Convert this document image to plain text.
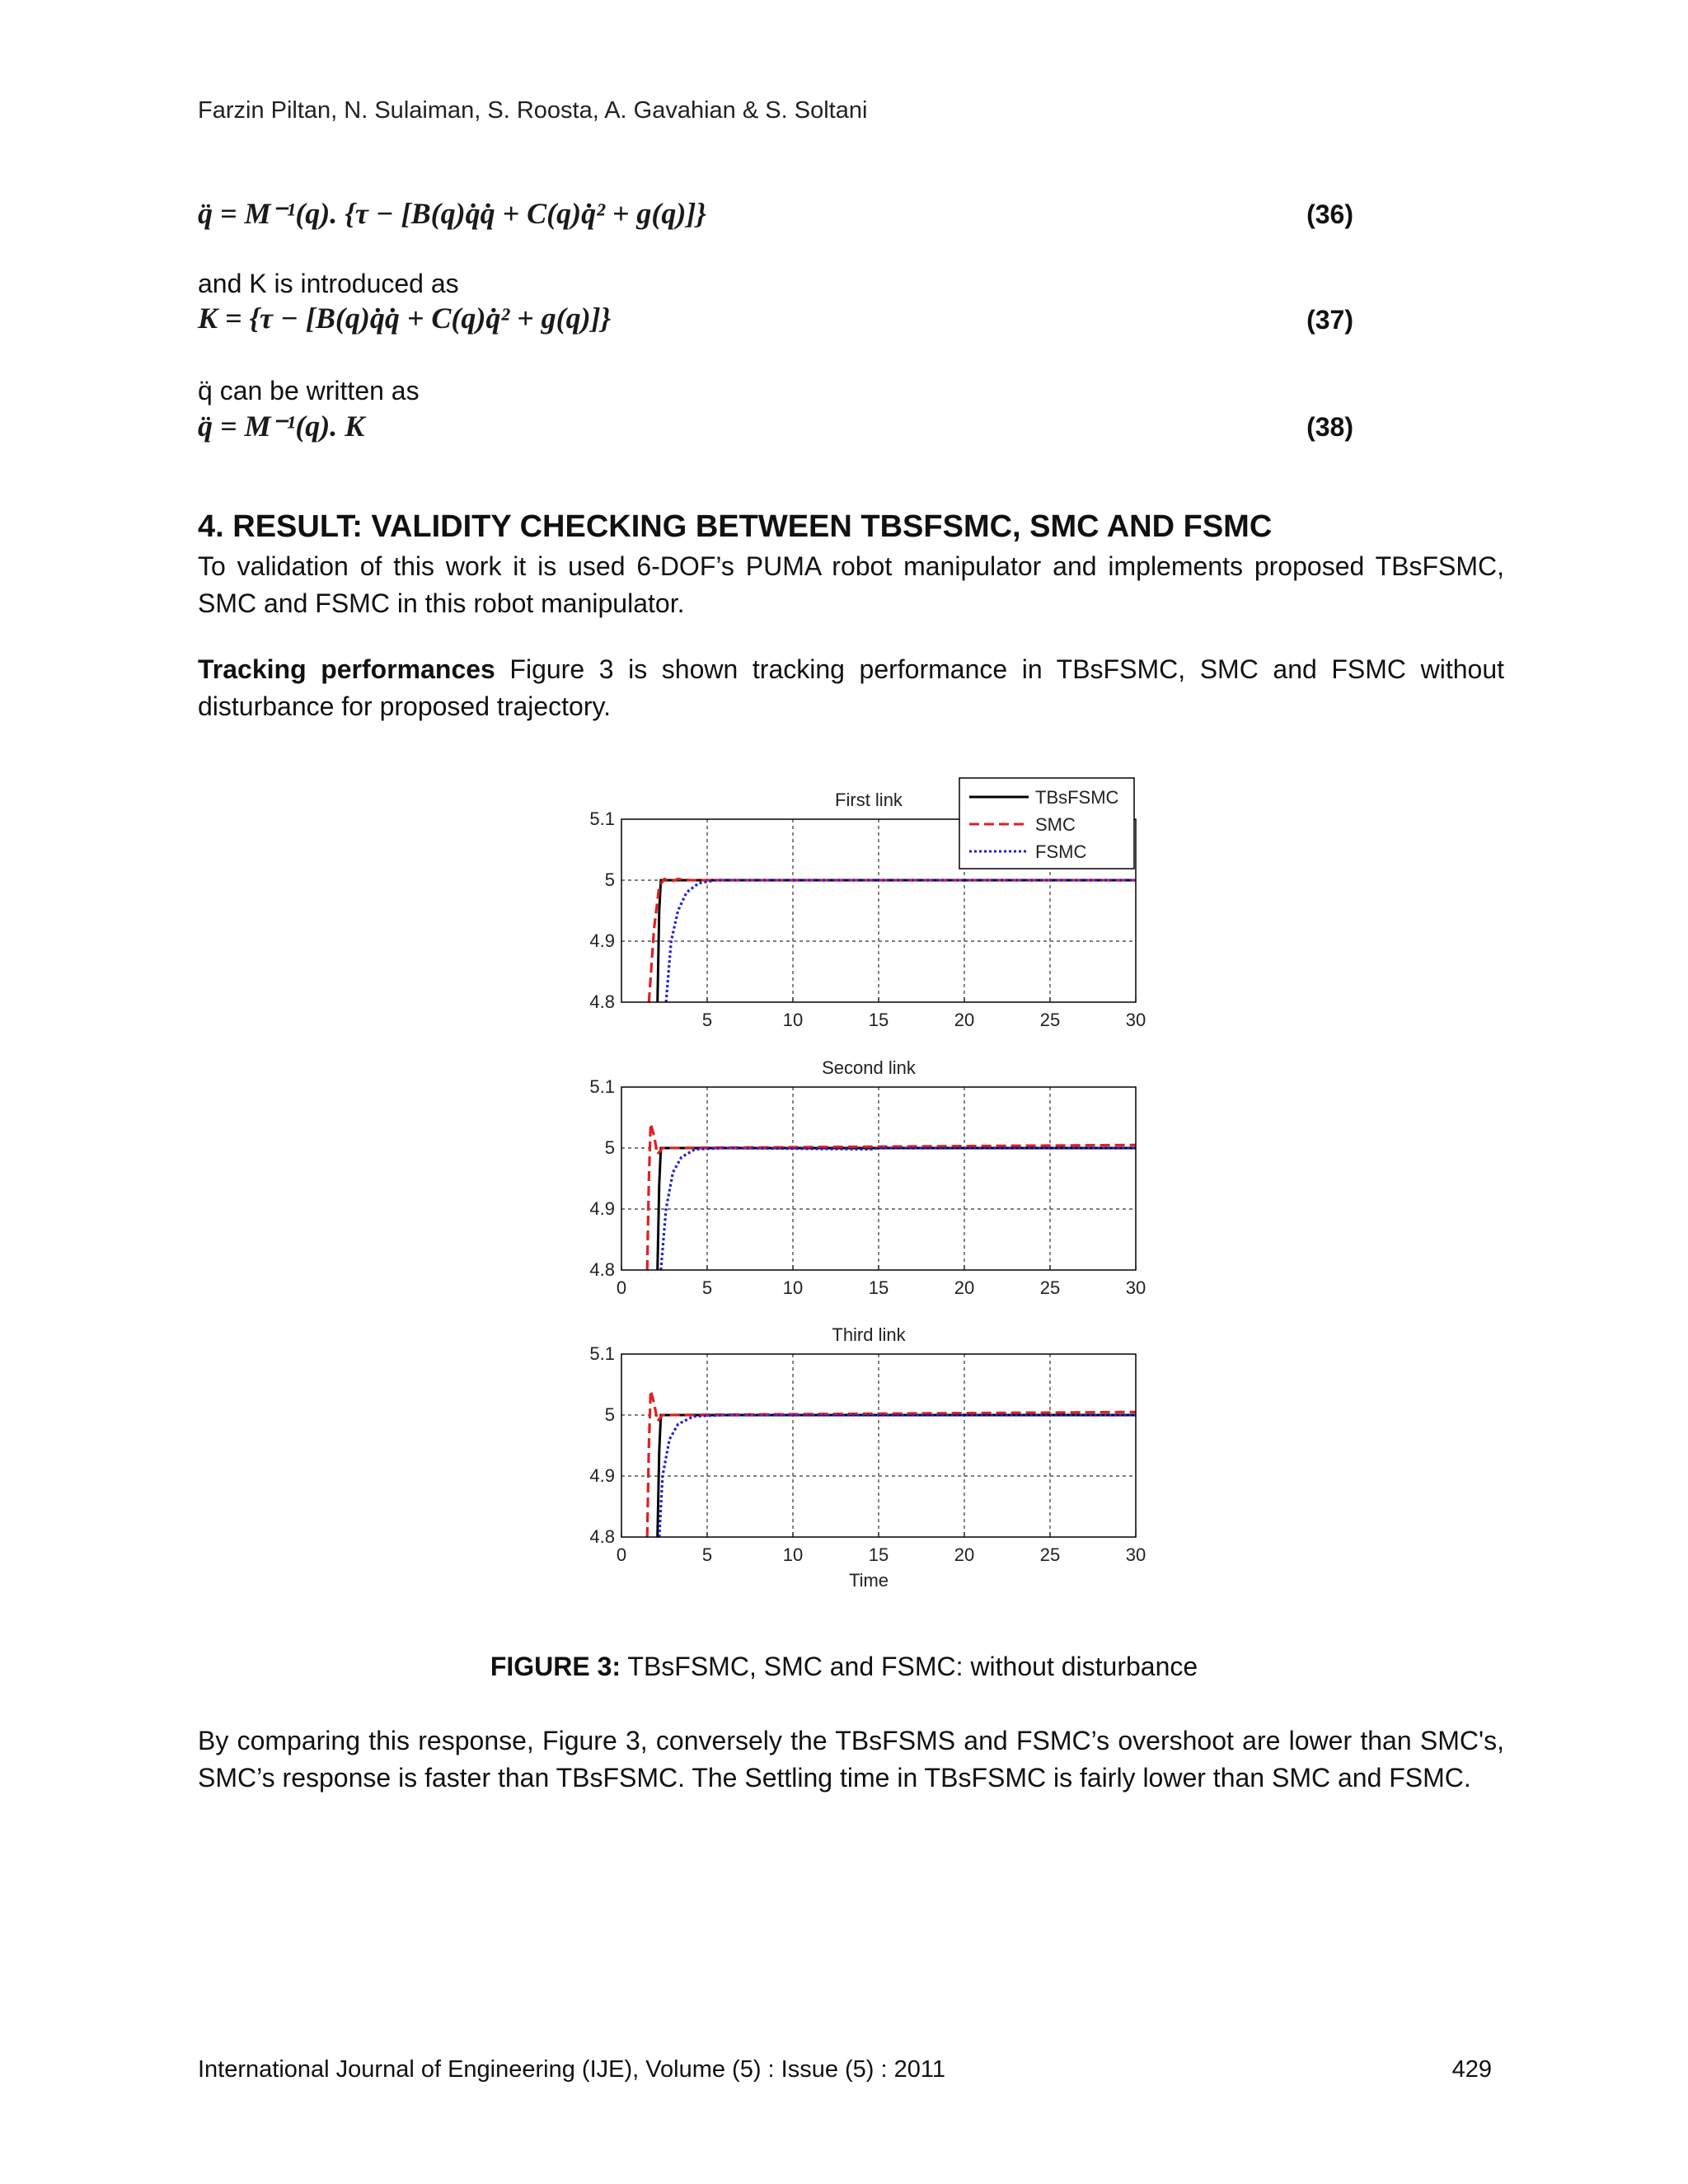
Farzin Piltan, N. Sulaiman, S. Roosta, A. Gavahian & S. Soltani
q̈ = M⁻¹(q). {τ − [B(q)q̇q̇ + C(q)q̇² + g(q)]}	(36)
and K is introduced as
K = {τ − [B(q)q̇q̇ + C(q)q̇² + g(q)]}	(37)
q̈ can be written as
q̈ = M⁻¹(q). K	(38)
4. RESULT: VALIDITY CHECKING BETWEEN TBSFSMC, SMC AND FSMC
To validation of this work it is used 6-DOF’s PUMA robot manipulator and implements proposed TBsFSMC, SMC and FSMC in this robot manipulator.
Tracking performances Figure 3 is shown tracking performance in TBsFSMC, SMC and FSMC without disturbance for proposed trajectory.
First link
5	10	15	20	25	30
5.1
5
4.9
4.8
TBsFSMC
SMC
FSMC
Second link
0	5	10	15	20	25	30
5.1
5
4.9
4.8
Third link
0	5	10	15	20	25	30
5.1
5
4.9
4.8
Time
FIGURE 3: TBsFSMC, SMC and FSMC: without disturbance
By comparing this response, Figure 3, conversely the TBsFSMS and FSMC’s overshoot are lower than SMC's, SMC’s response is faster than TBsFSMC. The Settling time in TBsFSMC is fairly lower than SMC and FSMC.
International Journal of Engineering (IJE), Volume (5) : Issue (5) : 2011	429
